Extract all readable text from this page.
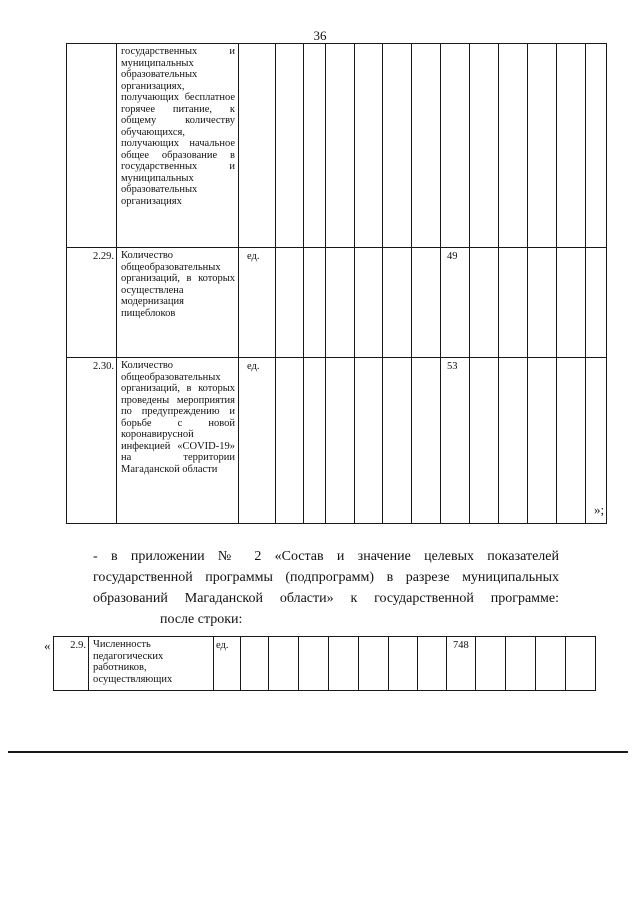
36
	государственных и муниципальных образовательных организациях, получающих бесплатное горячее питание, к общему количеству обучающихся, получающих начальное общее образование в государственных и муниципальных образовательных организациях													
2.29.	Количество общеобразовательных организаций, в которых осуществлена модернизация пищеблоков	ед.							49					
2.30.	Количество общеобразовательных организаций, в которых проведены мероприятия по предупреждению и борьбе с новой коронавирусной инфекцией «COVID-19» на территории Магаданской области	ед.							53					
»;
- в приложении № 2 «Состав и значение целевых показателей
государственной программы (подпрограмм) в разрезе муниципальных
образований Магаданской области» к государственной программе:
после строки:
« 2.9.	Численность педагогических работников, осуществляющих	ед.								748				
